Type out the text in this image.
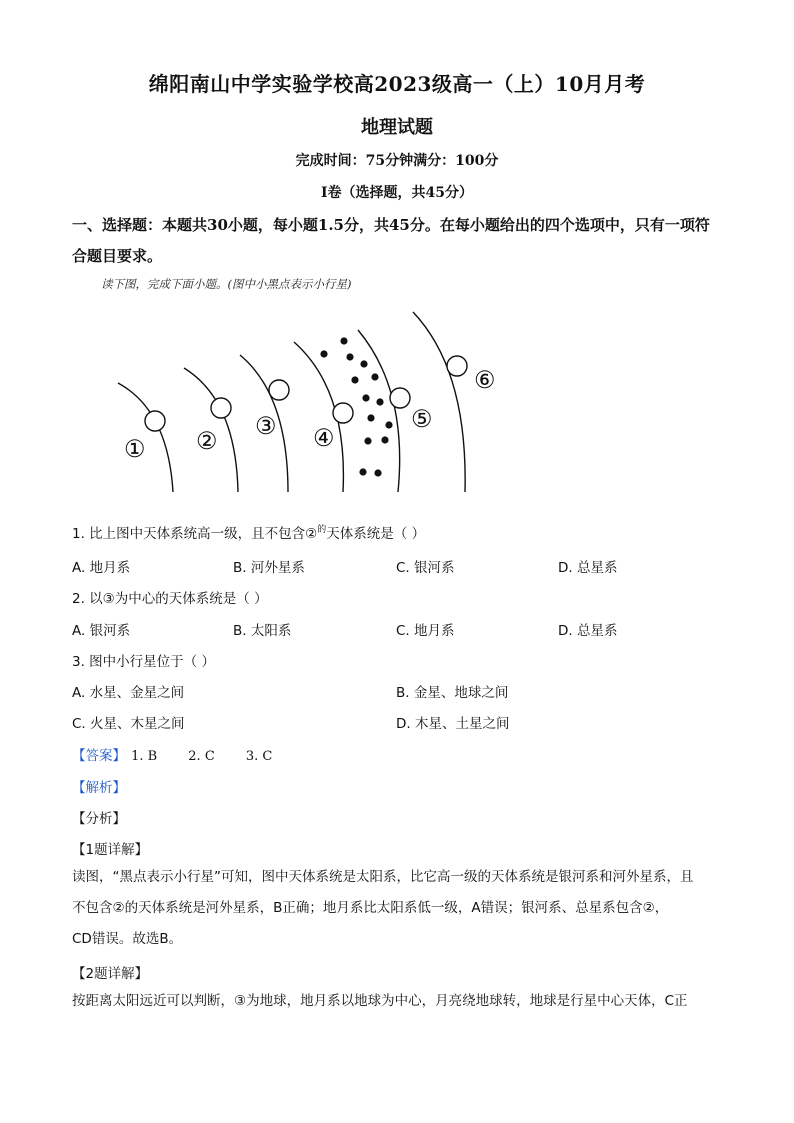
绵阳南山中学实验学校高2023级高一（上）10月月考
地理试题
完成时间：75分钟满分：100分
Ⅰ卷（选择题，共45分）
一、选择题：本题共30小题，每小题1.5分，共45分。在每小题给出的四个选项中，只有一项符合题目要求。
读下图，完成下面小题。(图中小黑点表示小行星)
① ②
③ ④
⑤
⑥
1. 比上图中天体系统高一级，且不包含②$^的$天体系统是（ ）
A. 地月系	B. 河外星系	C. 银河系	D. 总星系
2. 以③为中心的天体系统是（ ）
A. 银河系	B. 太阳系	C. 地月系	D. 总星系
3. 图中小行星位于（ ）
A. 水星、金星之间	B. 金星、地球之间
C. 火星、木星之间	D. 木星、土星之间
【答案】 1. B 2. C 3. C
【解析】
【分析】
【1题详解】
读图，“黑点表示小行星”可知，图中天体系统是太阳系，比它高一级的天体系统是银河系和河外星系，且
不包含②的天体系统是河外星系，B正确；地月系比太阳系低一级，A错误；银河系、总星系包含②，
CD错误。故选B。
【2题详解】
按距离太阳远近可以判断，③为地球，地月系以地球为中心，月亮绕地球转，地球是行星中心天体，C正
